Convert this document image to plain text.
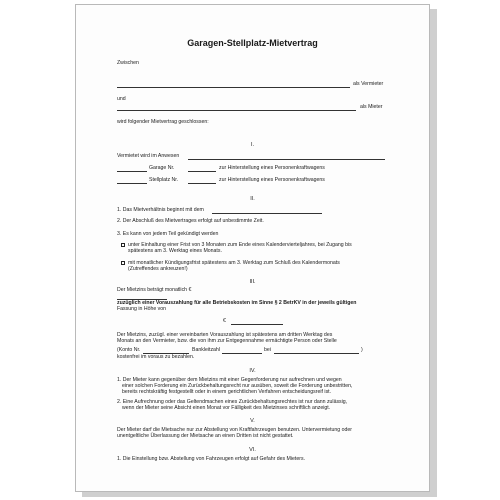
Garagen-Stellplatz-Mietvertrag
Zwischen
als Vermieter
und
als Mieter
wird folgender Mietvertrag geschlossen:
I.
Vermietet wird im Anwesen
Garage Nr.	zur Hinterstellung eines Personenkraftwagens
Stellplatz Nr.	zur Hinterstellung eines Personenkraftwagens
II.
1. Das Mietverhältnis beginnt mit dem
2. Der Abschluß des Mietvertrages erfolgt auf unbestimmte Zeit.
3. Es kann von jedem Teil gekündigt werden
unter Einhaltung einer Frist von 3 Monaten zum Ende eines Kalendervierteljahres, bei Zugang bis
spätestens am 3. Werktag eines Monats.
mit monatlicher Kündigungsfrist spätestens am 3. Werktag zum Schluß des Kalendermonats
(Zutreffendes ankreuzen!)
III.
Der Mietzins beträgt monatlich €
zuzüglich einer Vorauszahlung für alle Betriebskosten im Sinne § 2 BetrKV in der jeweils gültigen
Fassung in Höhe von
€
Der Mietzins, zuzügl. einer vereinbarten Vorauszahlung ist spätestens am dritten Werktag des
Monats an den Vermieter, bzw. die von ihm zur Entgegennahme ermächtigte Person oder Stelle
(Konto Nr.	Bankleitzahl	bei	)
kostenfrei im voraus zu bezahlen.
IV.
1. Der Mieter kann gegenüber dem Mietzins mit einer Gegenforderung nur aufrechnen und wegen
einer solchen Forderung ein Zurückbehaltungsrecht nur ausüben, soweit die Forderung unbestritten,
bereits rechtskräftig festgestellt oder in einem gerichtlichen Verfahren entscheidungsreif ist.
2. Eine Aufrechnung oder das Geltendmachen eines Zurückbehaltungsrechtes ist nur dann zulässig,
wenn der Mieter seine Absicht einen Monat vor Fälligkeit des Mietzinses schriftlich anzeigt.
V.
Der Mieter darf die Mietsache nur zur Abstellung von Kraftfahrzeugen benutzen. Untervermietung oder
unentgeltliche Überlassung der Mietsache an einen Dritten ist nicht gestattet.
VI.
1. Die Einstellung bzw. Abstellung von Fahrzeugen erfolgt auf Gefahr des Mieters.
